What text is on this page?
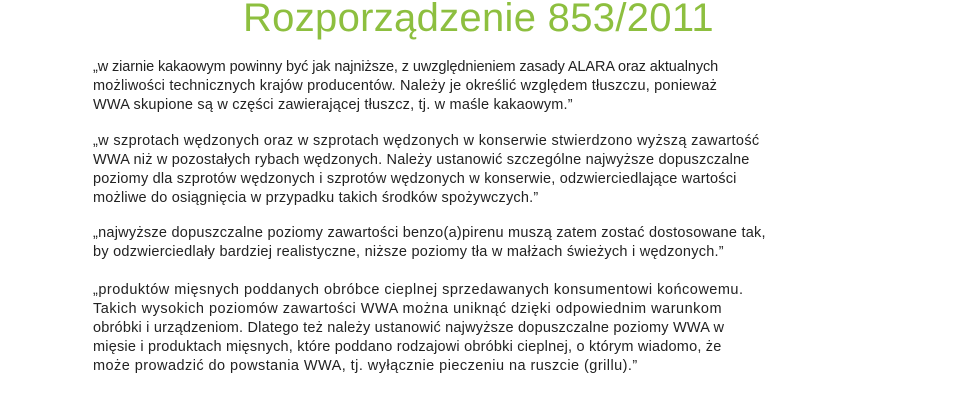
Rozporządzenie 853/2011

„w ziarnie kakaowym powinny być jak najniższe, z uwzględnieniem zasady ALARA oraz aktualnych
możliwości technicznych krajów producentów. Należy je określić względem tłuszczu, ponieważ
WWA skupione są w części zawierającej tłuszcz, tj. w maśle kakaowym.”

„w szprotach wędzonych oraz w szprotach wędzonych w konserwie stwierdzono wyższą zawartość
WWA niż w pozostałych rybach wędzonych. Należy ustanowić szczególne najwyższe dopuszczalne
poziomy dla szprotów wędzonych i szprotów wędzonych w konserwie, odzwierciedlające wartości
możliwe do osiągnięcia w przypadku takich środków spożywczych.”

„najwyższe dopuszczalne poziomy zawartości benzo(a)pirenu muszą zatem zostać dostosowane tak,
by odzwierciedlały bardziej realistyczne, niższe poziomy tła w małżach świeżych i wędzonych.”

„produktów mięsnych poddanych obróbce cieplnej sprzedawanych konsumentowi końcowemu.
Takich wysokich poziomów zawartości WWA można uniknąć dzięki odpowiednim warunkom
obróbki i urządzeniom. Dlatego też należy ustanowić najwyższe dopuszczalne poziomy WWA w
mięsie i produktach mięsnych, które poddano rodzajowi obróbki cieplnej, o którym wiadomo, że
może prowadzić do powstania WWA, tj. wyłącznie pieczeniu na ruszcie (grillu).”
